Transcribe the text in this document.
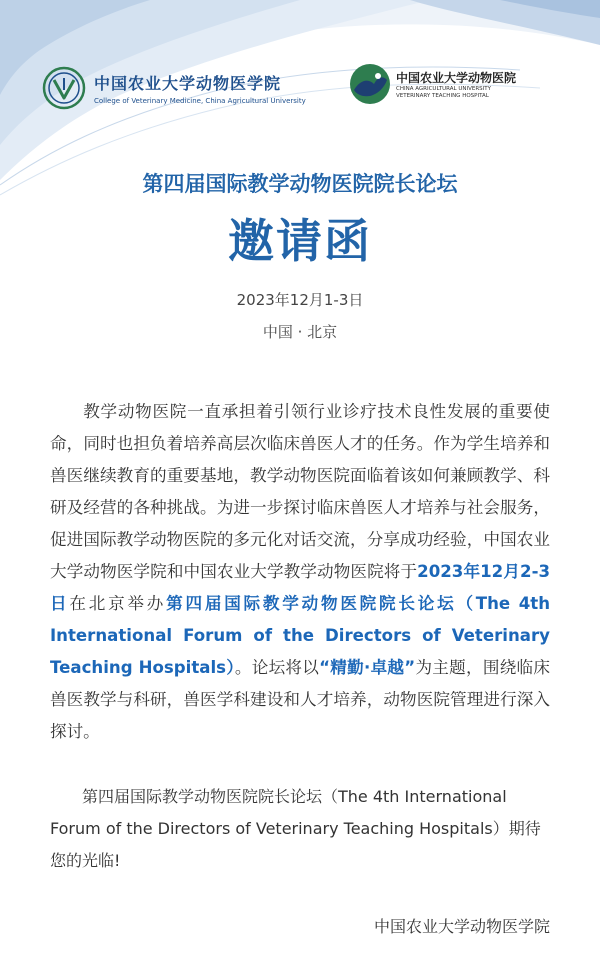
中国农业大学动物医学院
College of Veterinary Medicine, China Agricultural University
中国农业大学动物医院
CHINA AGRICULTURAL UNIVERSITY
VETERINARY TEACHING HOSPITAL
第四届国际教学动物医院院长论坛
邀请函
2023年12月1-3日
中国 · 北京
教学动物医院一直承担着引领行业诊疗技术良性发展的重要使命，同时也担负着培养高层次临床兽医人才的任务。作为学生培养和兽医继续教育的重要基地，教学动物医院面临着该如何兼顾教学、科研及经营的各种挑战。为进一步探讨临床兽医人才培养与社会服务，促进国际教学动物医院的多元化对话交流，分享成功经验，中国农业大学动物医学院和中国农业大学教学动物医院将于2023年12月2-3日在北京举办第四届国际教学动物医院院长论坛（The 4th International Forum of the Directors of Veterinary Teaching Hospitals）。论坛将以“精勤·卓越”为主题，围绕临床兽医教学与科研，兽医学科建设和人才培养，动物医院管理进行深入探讨。
第四届国际教学动物医院院长论坛（The 4th International Forum of the Directors of Veterinary Teaching Hospitals）期待您的光临!
中国农业大学动物医学院
